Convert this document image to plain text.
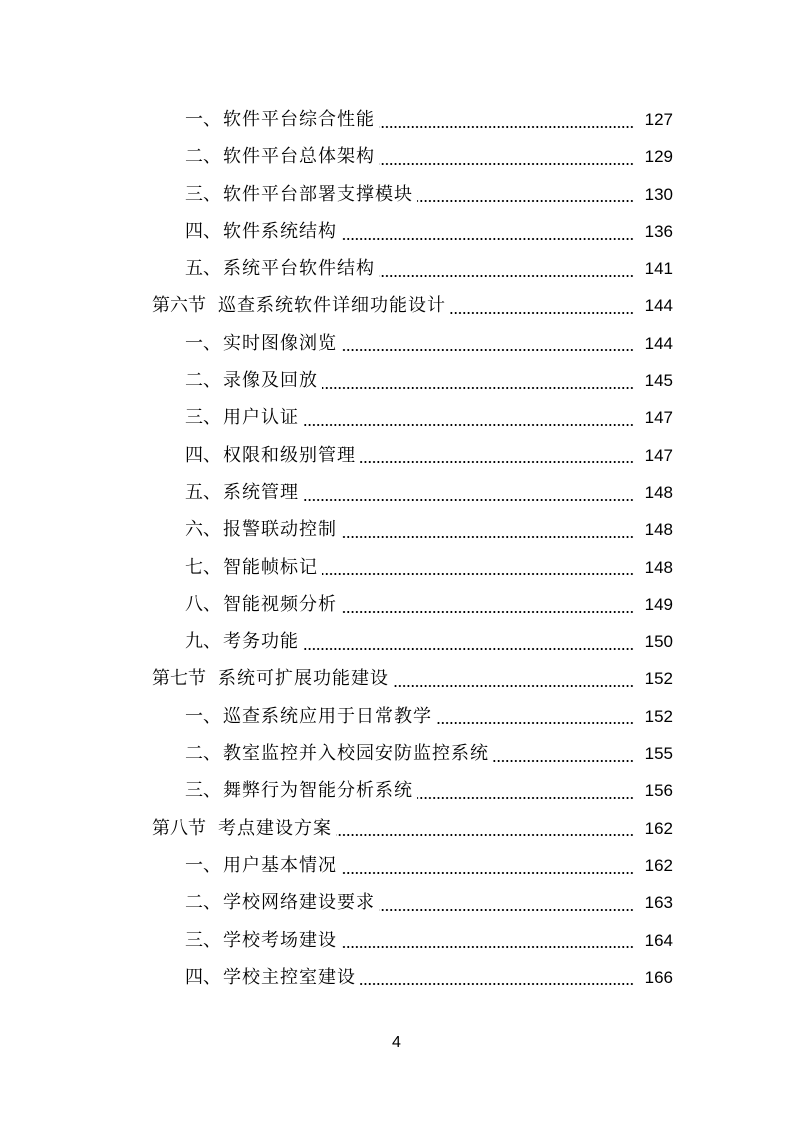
一、 软件平台综合性能	127
二、 软件平台总体架构	129
三、 软件平台部署支撑模块	130
四、 软件系统结构	136
五、 系统平台软件结构	141
第六节 巡查系统软件详细功能设计	144
一、 实时图像浏览	144
二、 录像及回放	145
三、 用户认证	147
四、 权限和级别管理	147
五、 系统管理	148
六、 报警联动控制	148
七、 智能帧标记	148
八、 智能视频分析	149
九、 考务功能	150
第七节 系统可扩展功能建设	152
一、 巡查系统应用于日常教学	152
二、 教室监控并入校园安防监控系统	155
三、 舞弊行为智能分析系统	156
第八节 考点建设方案	162
一、 用户基本情况	162
二、 学校网络建设要求	163
三、 学校考场建设	164
四、 学校主控室建设	166
4
